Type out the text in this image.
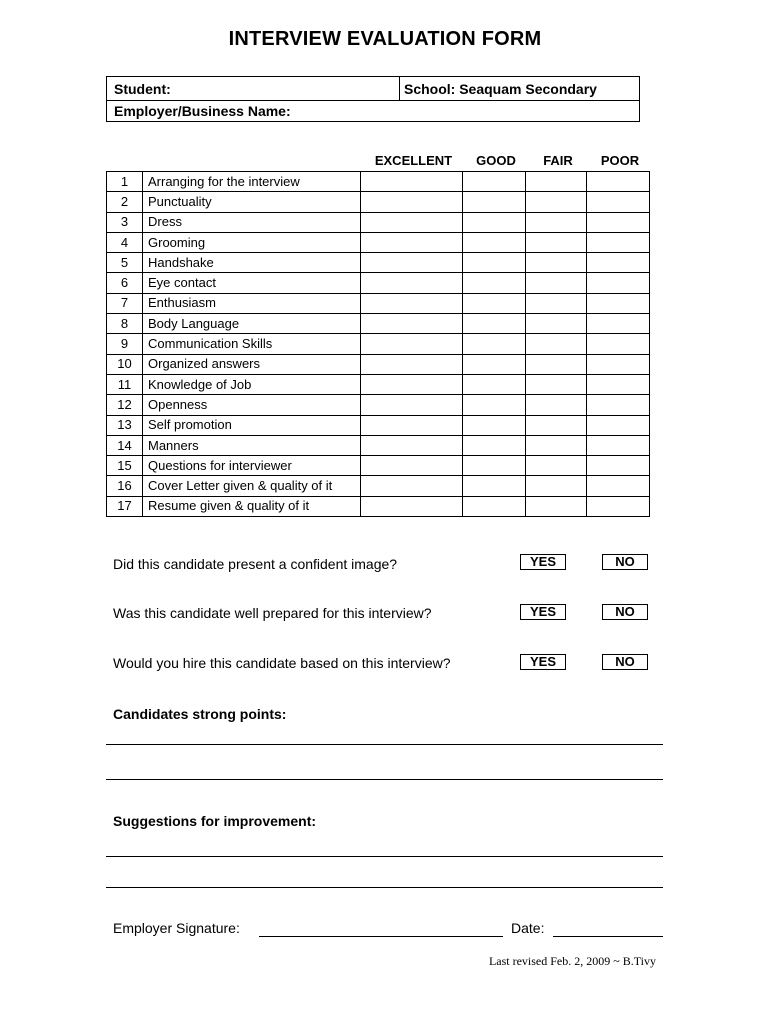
INTERVIEW EVALUATION FORM
Student:	School: Seaquam Secondary
Employer/Business Name:
EXCELLENT	GOOD	FAIR	POOR
1	Arranging for the interview				
2	Punctuality				
3	Dress				
4	Grooming				
5	Handshake				
6	Eye contact				
7	Enthusiasm				
8	Body Language				
9	Communication Skills				
10	Organized answers				
11	Knowledge of Job				
12	Openness				
13	Self promotion				
14	Manners				
15	Questions for interviewer				
16	Cover Letter given & quality of it				
17	Resume given & quality of it				
Did this candidate present a confident image?	YES	NO
Was this candidate well prepared for this interview?	YES	NO
Would you hire this candidate based on this interview?	YES	NO
Candidates strong points:
Suggestions for improvement:
Employer Signature:	Date:
Last revised Feb. 2, 2009 ~ B.Tivy
